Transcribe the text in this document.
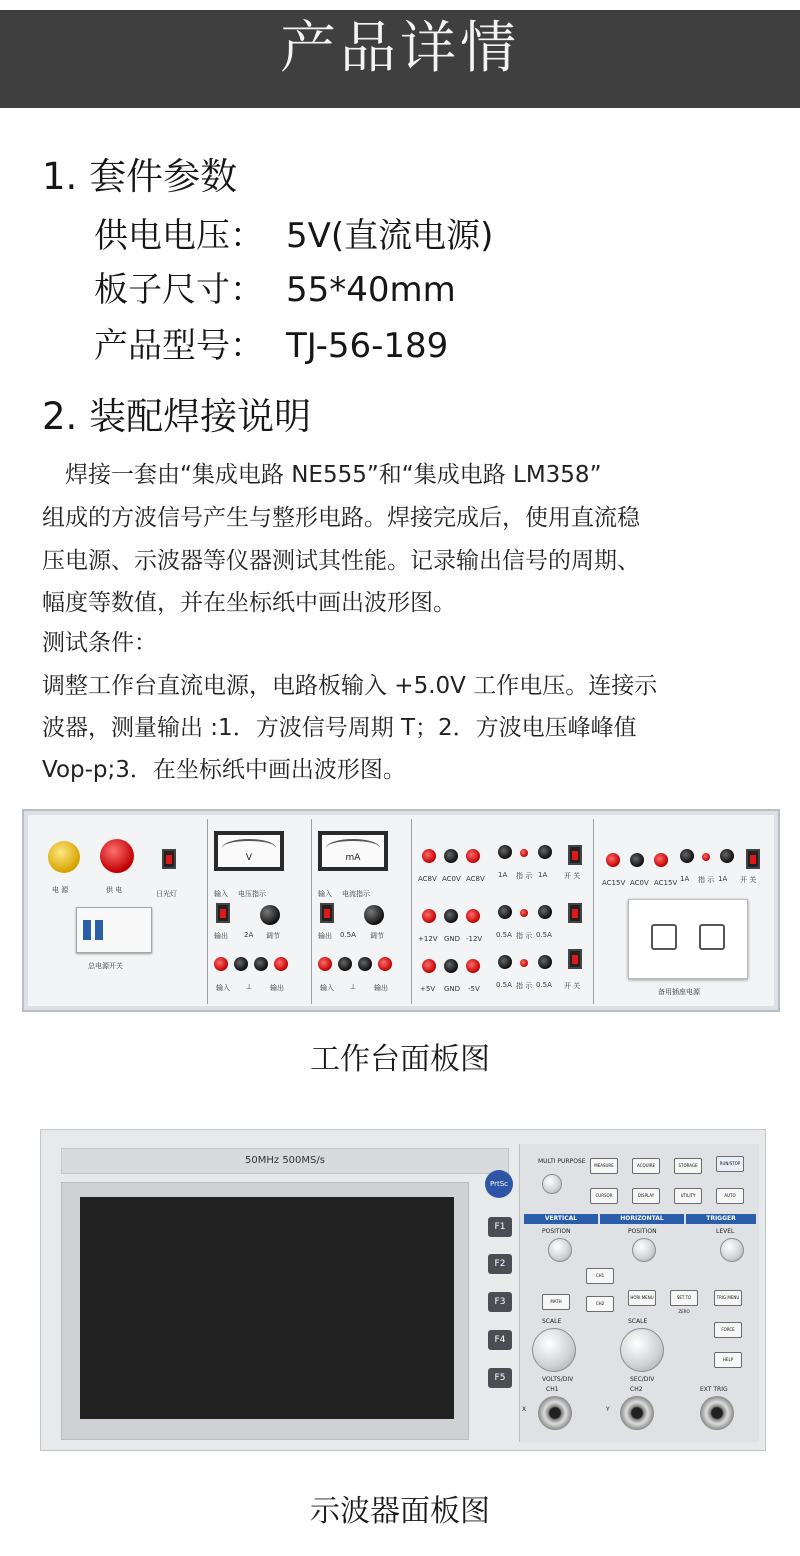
产品详情
1. 套件参数
供电电压： 5V(直流电源)
板子尺寸： 55*40mm
产品型号： TJ-56-189
2. 装配焊接说明
　焊接一套由“集成电路 NE555”和“集成电路 LM358”
组成的方波信号产生与整形电路。焊接完成后，使用直流稳
压电源、示波器等仪器测试其性能。记录输出信号的周期、
幅度等数值，并在坐标纸中画出波形图。
测试条件：
调整工作台直流电源，电路板输入 +5.0V 工作电压。连接示
波器，测量输出 :1．方波信号周期 T；2．方波电压峰峰值
Vop-p;3．在坐标纸中画出波形图。
电 源	供 电	日光灯
总电源开关
V
输入 电压指示
输出 2A 调节
输入 ⊥	输出
mA
输入 电流指示
输出 0.5A 调节
输入 ⊥	输出
AC8V AC0V AC8V 1A 指 示 1A 开 关
+12V GND -12V 0.5A 指 示 0.5A
+5V GND -5V 0.5A 指 示 0.5A 开 关
AC15V AC0V AC15V 1A 指 示 1A 开 关
备用插座电源
工作台面板图
50MHz 500MS/s
PrtSc
F1
F2
F3
F4
F5
MULTI PURPOSE
MEASURE	ACQUIRE	STORAGE	RUN/STOP
CURSOR	DISPLAY	UTILITY	AUTO
VERTICAL	HORIZONTAL	TRIGGER
POSITION	POSITION	LEVEL
MATH
CH1
CH2
HORI MENU	SET TO ZERO
TRIG MENU
FORCE
HELP
SCALE	SCALE
VOLTS/DIV	SEC/DIV
CH1	CH2	EXT TRIG
X	Y
示波器面板图
